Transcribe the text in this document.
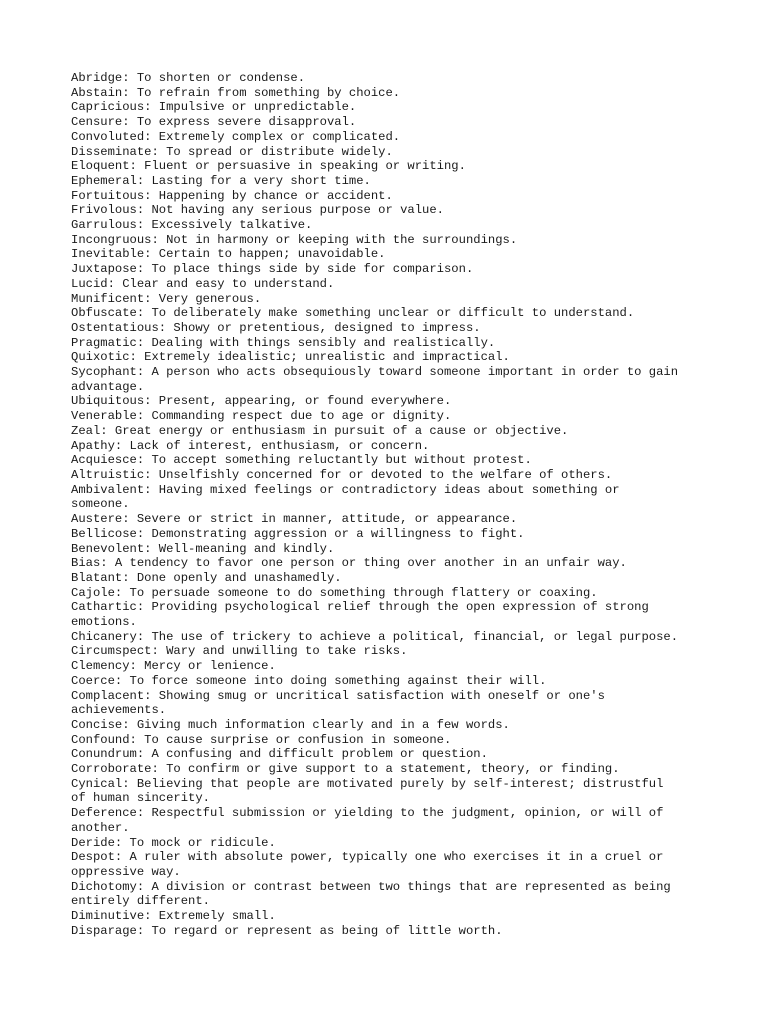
Abridge: To shorten or condense.
Abstain: To refrain from something by choice.
Capricious: Impulsive or unpredictable.
Censure: To express severe disapproval.
Convoluted: Extremely complex or complicated.
Disseminate: To spread or distribute widely.
Eloquent: Fluent or persuasive in speaking or writing.
Ephemeral: Lasting for a very short time.
Fortuitous: Happening by chance or accident.
Frivolous: Not having any serious purpose or value.
Garrulous: Excessively talkative.
Incongruous: Not in harmony or keeping with the surroundings.
Inevitable: Certain to happen; unavoidable.
Juxtapose: To place things side by side for comparison.
Lucid: Clear and easy to understand.
Munificent: Very generous.
Obfuscate: To deliberately make something unclear or difficult to understand.
Ostentatious: Showy or pretentious, designed to impress.
Pragmatic: Dealing with things sensibly and realistically.
Quixotic: Extremely idealistic; unrealistic and impractical.
Sycophant: A person who acts obsequiously toward someone important in order to gain
advantage.
Ubiquitous: Present, appearing, or found everywhere.
Venerable: Commanding respect due to age or dignity.
Zeal: Great energy or enthusiasm in pursuit of a cause or objective.
Apathy: Lack of interest, enthusiasm, or concern.
Acquiesce: To accept something reluctantly but without protest.
Altruistic: Unselfishly concerned for or devoted to the welfare of others.
Ambivalent: Having mixed feelings or contradictory ideas about something or
someone.
Austere: Severe or strict in manner, attitude, or appearance.
Bellicose: Demonstrating aggression or a willingness to fight.
Benevolent: Well-meaning and kindly.
Bias: A tendency to favor one person or thing over another in an unfair way.
Blatant: Done openly and unashamedly.
Cajole: To persuade someone to do something through flattery or coaxing.
Cathartic: Providing psychological relief through the open expression of strong
emotions.
Chicanery: The use of trickery to achieve a political, financial, or legal purpose.
Circumspect: Wary and unwilling to take risks.
Clemency: Mercy or lenience.
Coerce: To force someone into doing something against their will.
Complacent: Showing smug or uncritical satisfaction with oneself or one's
achievements.
Concise: Giving much information clearly and in a few words.
Confound: To cause surprise or confusion in someone.
Conundrum: A confusing and difficult problem or question.
Corroborate: To confirm or give support to a statement, theory, or finding.
Cynical: Believing that people are motivated purely by self-interest; distrustful
of human sincerity.
Deference: Respectful submission or yielding to the judgment, opinion, or will of
another.
Deride: To mock or ridicule.
Despot: A ruler with absolute power, typically one who exercises it in a cruel or
oppressive way.
Dichotomy: A division or contrast between two things that are represented as being
entirely different.
Diminutive: Extremely small.
Disparage: To regard or represent as being of little worth.
